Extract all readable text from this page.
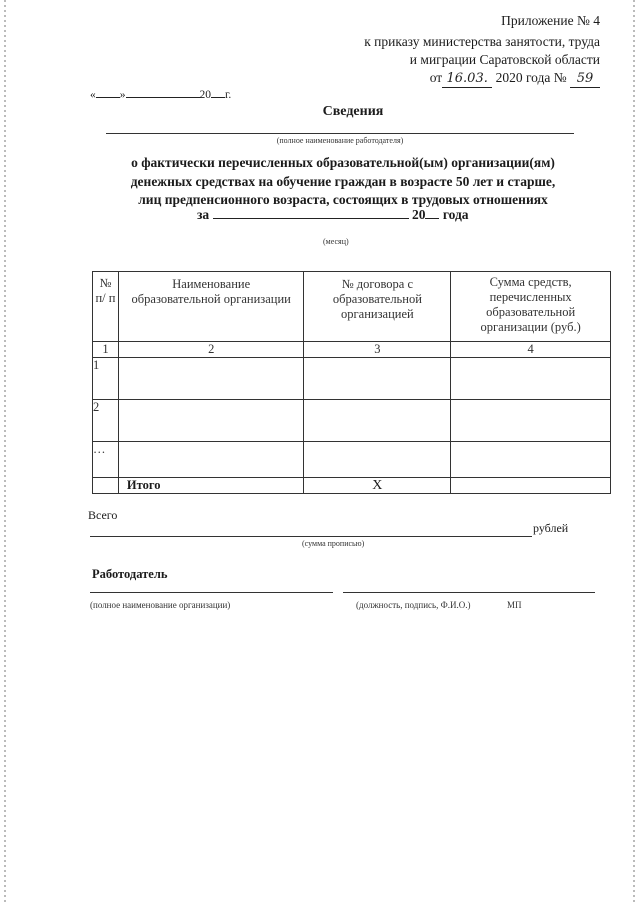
Приложение № 4
к приказу министерства занятости, труда
и миграции Саратовской области
от 16.03. 2020 года № 59
« »	20 г.
Сведения
(полное наименование работодателя)
о фактически перечисленных образовательной(ым) организации(ям)
денежных средствах на обучение граждан в возрасте 50 лет и старше,
лиц предпенсионного возраста, состоящих в трудовых отношениях
за	20 года
(месяц)
№ п/ п	Наименование образовательной организации	№ договора с образовательной организацией	Сумма средств, перечисленных образовательной организации (руб.)
1	2	3	4
1			
2			
…			
	Итого	X	
Всего
рублей
(сумма прописью)
Работодатель
(полное наименование организации)	(должность, подпись, Ф.И.О.)	МП
